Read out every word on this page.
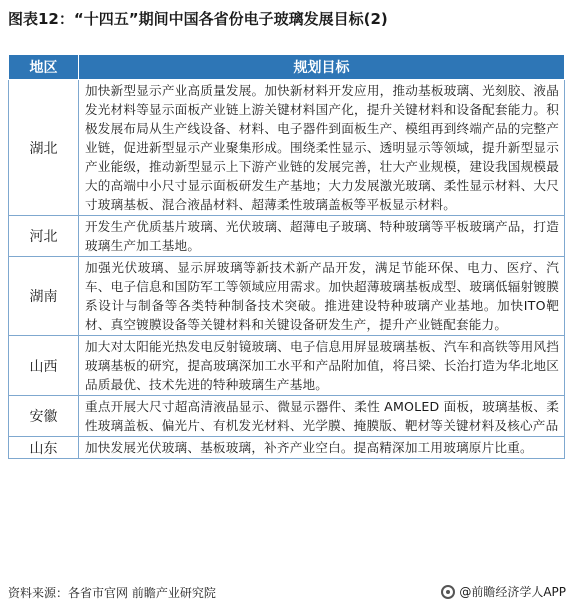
图表12：“十四五”期间中国各省份电子玻璃发展目标(2)
地区	规划目标
湖北	加快新型显示产业高质量发展。加快新材料开发应用，推动基板玻璃、光刻胶、液晶发光材料等显示面板产业链上游关键材料国产化，提升关键材料和设备配套能力。积极发展布局从生产线设备、材料、电子器件到面板生产、模组再到终端产品的完整产业链，促进新型显示产业聚集形成。围绕柔性显示、透明显示等领域，提升新型显示产业能级，推动新型显示上下游产业链的发展完善，壮大产业规模，建设我国规模最大的高端中小尺寸显示面板研发生产基地；大力发展激光玻璃、柔性显示材料、大尺寸玻璃基板、混合液晶材料、超薄柔性玻璃盖板等平板显示材料。
河北	开发生产优质基片玻璃、光伏玻璃、超薄电子玻璃、特种玻璃等平板玻璃产品，打造玻璃生产加工基地。
湖南	加强光伏玻璃、显示屏玻璃等新技术新产品开发，满足节能环保、电力、医疗、汽车、电子信息和国防军工等领域应用需求。加快超薄玻璃基板成型、玻璃低辐射镀膜系设计与制备等各类特种制备技术突破。推进建设特种玻璃产业基地。加快ITO靶材、真空镀膜设备等关键材料和关键设备研发生产，提升产业链配套能力。
山西	加大对太阳能光热发电反射镜玻璃、电子信息用屏显玻璃基板、汽车和高铁等用风挡玻璃基板的研究，提高玻璃深加工水平和产品附加值，将吕梁、长治打造为华北地区品质最优、技术先进的特种玻璃生产基地。
安徽	重点开展大尺寸超高清液晶显示、微显示器件、柔性 AMOLED 面板，玻璃基板、柔性玻璃盖板、偏光片、有机发光材料、光学膜、掩膜版、靶材等关键材料及核心产品
山东	加快发展光伏玻璃、基板玻璃，补齐产业空白。提高精深加工用玻璃原片比重。
资料来源：各省市官网 前瞻产业研究院	@前瞻经济学人APP
